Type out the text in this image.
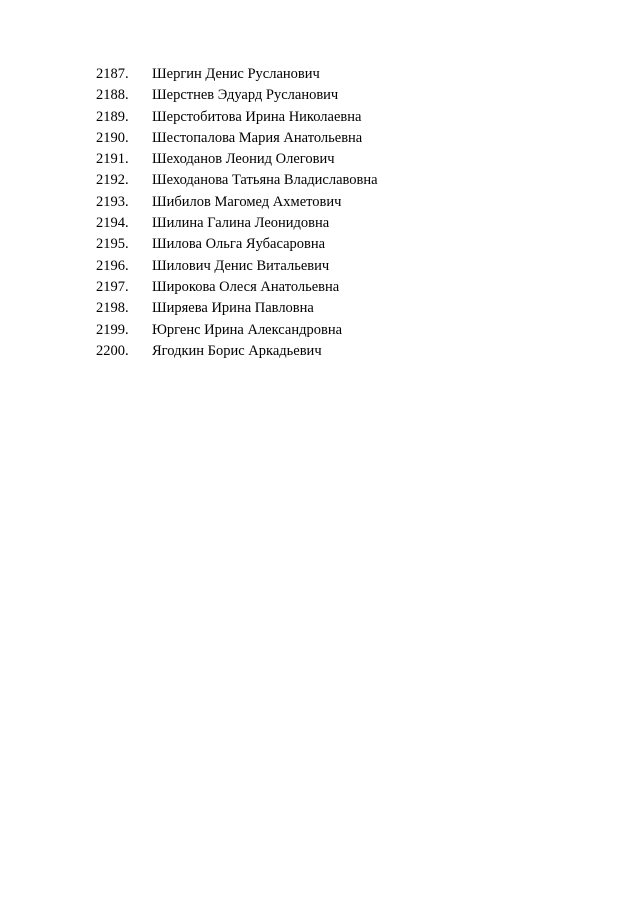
2187.	Шергин Денис Русланович
2188.	Шерстнев Эдуард Русланович
2189.	Шерстобитова Ирина Николаевна
2190.	Шестопалова Мария Анатольевна
2191.	Шеходанов Леонид Олегович
2192.	Шеходанова Татьяна Владиславовна
2193.	Шибилов Магомед Ахметович
2194.	Шилина Галина Леонидовна
2195.	Шилова Ольга Яубасаровна
2196.	Шилович Денис Витальевич
2197.	Широкова Олеся Анатольевна
2198.	Ширяева Ирина Павловна
2199.	Юргенс Ирина Александровна
2200.	Ягодкин Борис Аркадьевич
